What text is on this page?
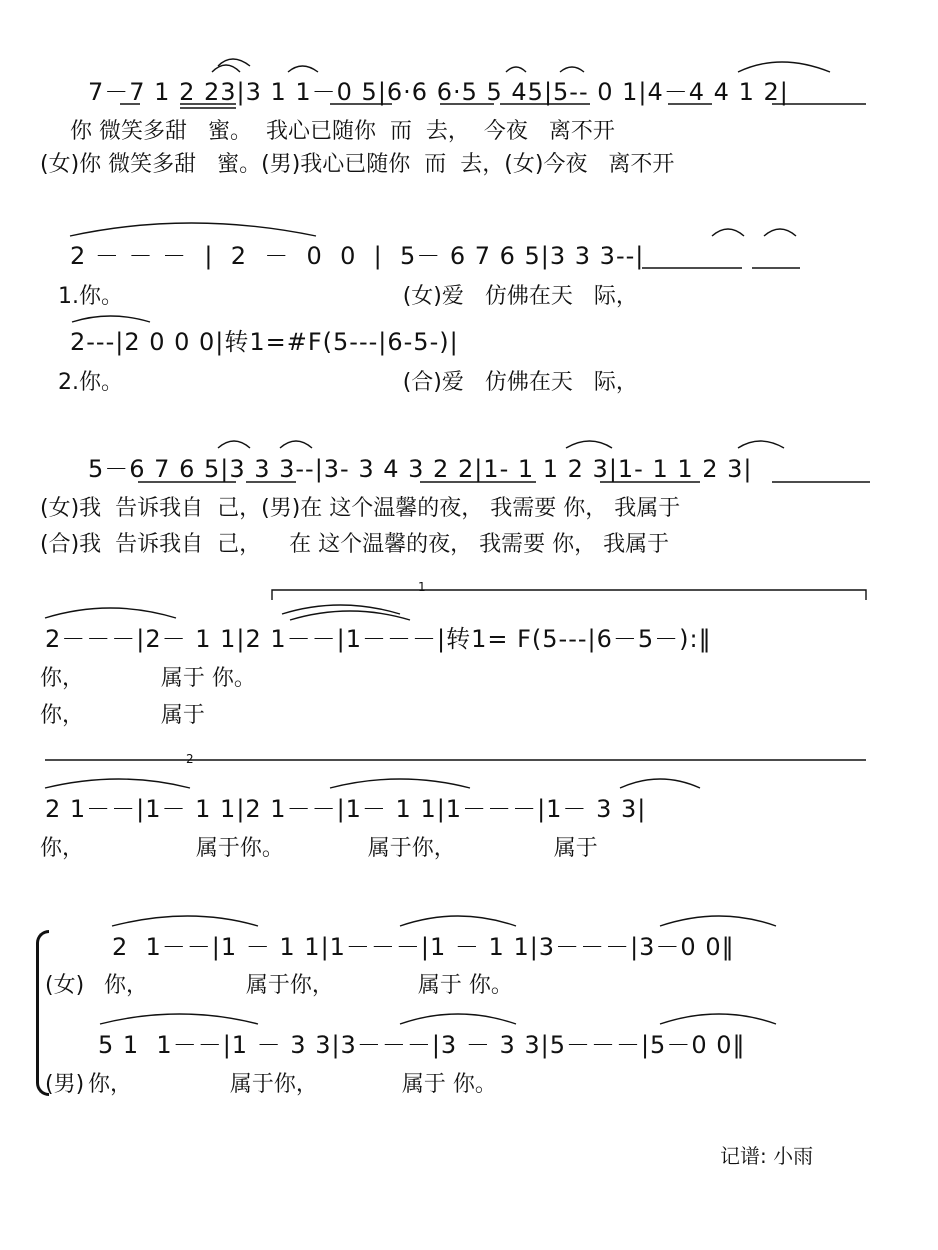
7－7 1 2 23|3 1 1－0 5|6·6 6·5 5 45|5-- 0 1|4－4 4 1 2|
你 微笑多甜   蜜。  我心已随你  而  去，  今夜   离不开
(女)你 微笑多甜   蜜。(男)我心已随你  而  去，(女)今夜   离不开
2 － － －  |  2  －  0  0  |  5－ 6 7 6 5|3 3 3--|
1.你。                                        (女)爱   仿佛在天   际，
2---|2 0 0 0|转1=#F(5---|6-5-)|
2.你。                                        (合)爱   仿佛在天   际，
5－6 7 6 5|3 3 3--|3- 3 4 3 2 2|1- 1 1 2 3|1- 1 1 2 3|
(女)我  告诉我自  己，(男)在 这个温馨的夜， 我需要 你， 我属于
(合)我  告诉我自  己，    在 这个温馨的夜， 我需要 你， 我属于
1
2－－－|2－ 1 1|2 1－－|1－－－|转1= F(5---|6－5－):‖
你，           属于 你。
你，           属于
2
2 1－－|1－ 1 1|2 1－－|1－ 1 1|1－－－|1－ 3 3|
你，                属于你。            属于你，              属于
2  1－－|1 － 1 1|1－－－|1 － 1 1|3－－－|3－0 0‖
(女) 你，              属于你，            属于 你。
5 1  1－－|1 － 3 3|3－－－|3 － 3 3|5－－－|5－0 0‖
(男) 你，              属于你，            属于 你。
记谱: 小雨
